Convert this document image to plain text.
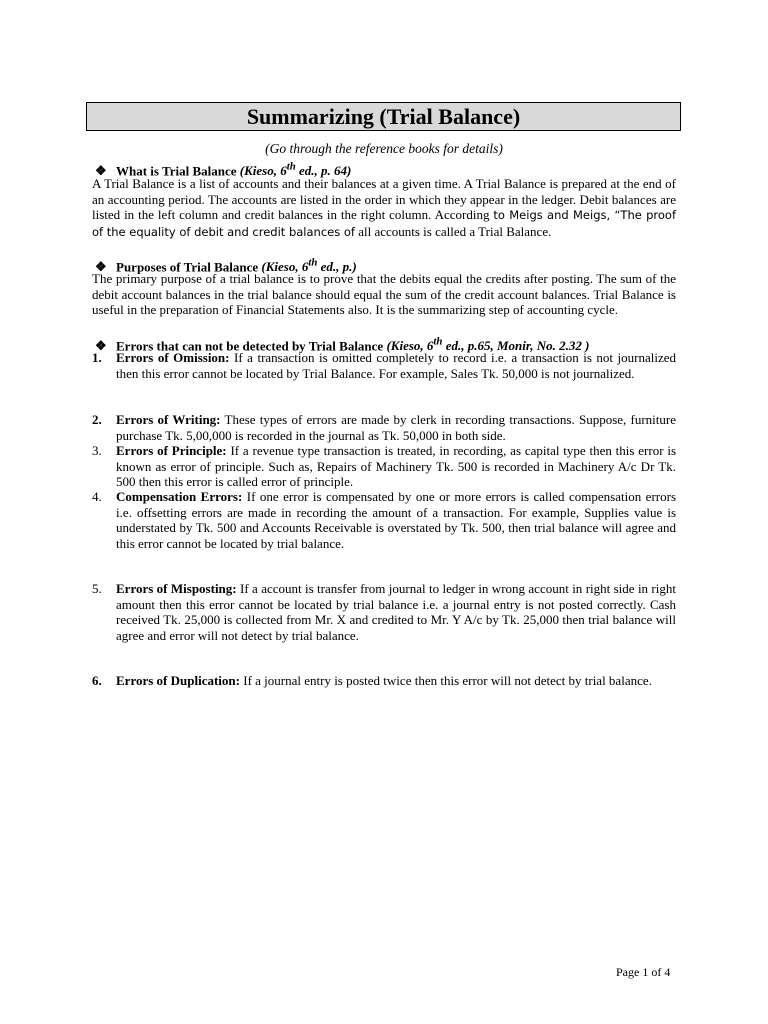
Summarizing (Trial Balance)
(Go through the reference books for details)
❖ What is Trial Balance (Kieso, 6th ed., p. 64)
A Trial Balance is a list of accounts and their balances at a given time. A Trial Balance is prepared at the end of an accounting period. The accounts are listed in the order in which they appear in the ledger. Debit balances are listed in the left column and credit balances in the right column. According to Meigs and Meigs, “The proof of the equality of debit and credit balances of all accounts is called a Trial Balance.
❖ Purposes of Trial Balance (Kieso, 6th ed., p.)
The primary purpose of a trial balance is to prove that the debits equal the credits after posting. The sum of the debit account balances in the trial balance should equal the sum of the credit account balances. Trial Balance is useful in the preparation of Financial Statements also. It is the summarizing step of accounting cycle.
❖ Errors that can not be detected by Trial Balance (Kieso, 6th ed., p.65, Monir, No. 2.32 )
1.	Errors of Omission: If a transaction is omitted completely to record i.e. a transaction is not journalized then this error cannot be located by Trial Balance. For example, Sales Tk. 50,000 is not journalized.
2.	Errors of Writing: These types of errors are made by clerk in recording transactions. Suppose, furniture purchase Tk. 5,00,000 is recorded in the journal as Tk. 50,000 in both side.
3.	Errors of Principle: If a revenue type transaction is treated, in recording, as capital type then this error is known as error of principle. Such as, Repairs of Machinery Tk. 500 is recorded in Machinery A/c Dr Tk. 500 then this error is called error of principle.
4.	Compensation Errors: If one error is compensated by one or more errors is called compensation errors i.e. offsetting errors are made in recording the amount of a transaction. For example, Supplies value is understated by Tk. 500 and Accounts Receivable is overstated by Tk. 500, then trial balance will agree and this error cannot be located by trial balance.
5.	Errors of Misposting: If a account is transfer from journal to ledger in wrong account in right side in right amount then this error cannot be located by trial balance i.e. a journal entry is not posted correctly. Cash received Tk. 25,000 is collected from Mr. X and credited to Mr. Y A/c by Tk. 25,000 then trial balance will agree and error will not detect by trial balance.
6.	Errors of Duplication: If a journal entry is posted twice then this error will not detect by trial balance.
Page 1 of 4
